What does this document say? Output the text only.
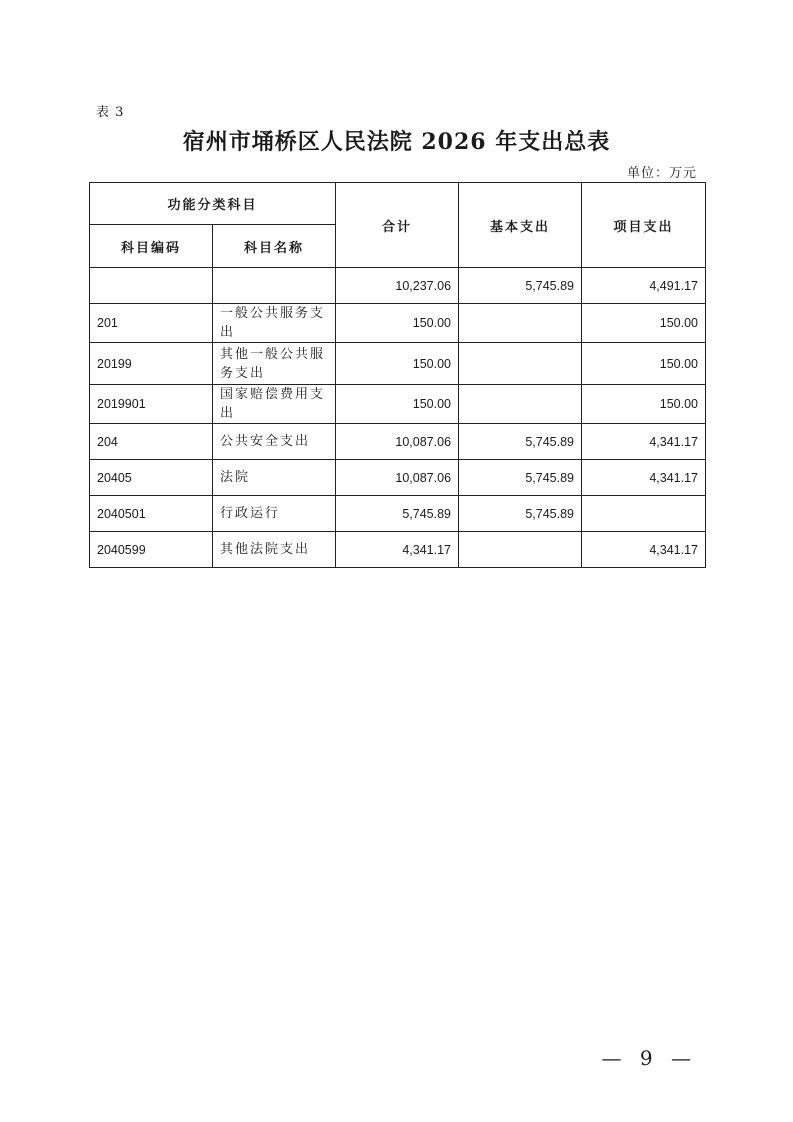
表 3
宿州市埇桥区人民法院 2026 年支出总表
单位：万元
功能分类科目		合计	基本支出	项目支出
科目编码	科目名称			
		10,237.06	5,745.89	4,491.17
201	一般公共服务支出	150.00		150.00
20199	其他一般公共服务支出	150.00		150.00
2019901	国家赔偿费用支出	150.00		150.00
204	公共安全支出	10,087.06	5,745.89	4,341.17
20405	法院	10,087.06	5,745.89	4,341.17
2040501	行政运行	5,745.89	5,745.89	
2040599	其他法院支出	4,341.17		4,341.17
— 9 —
